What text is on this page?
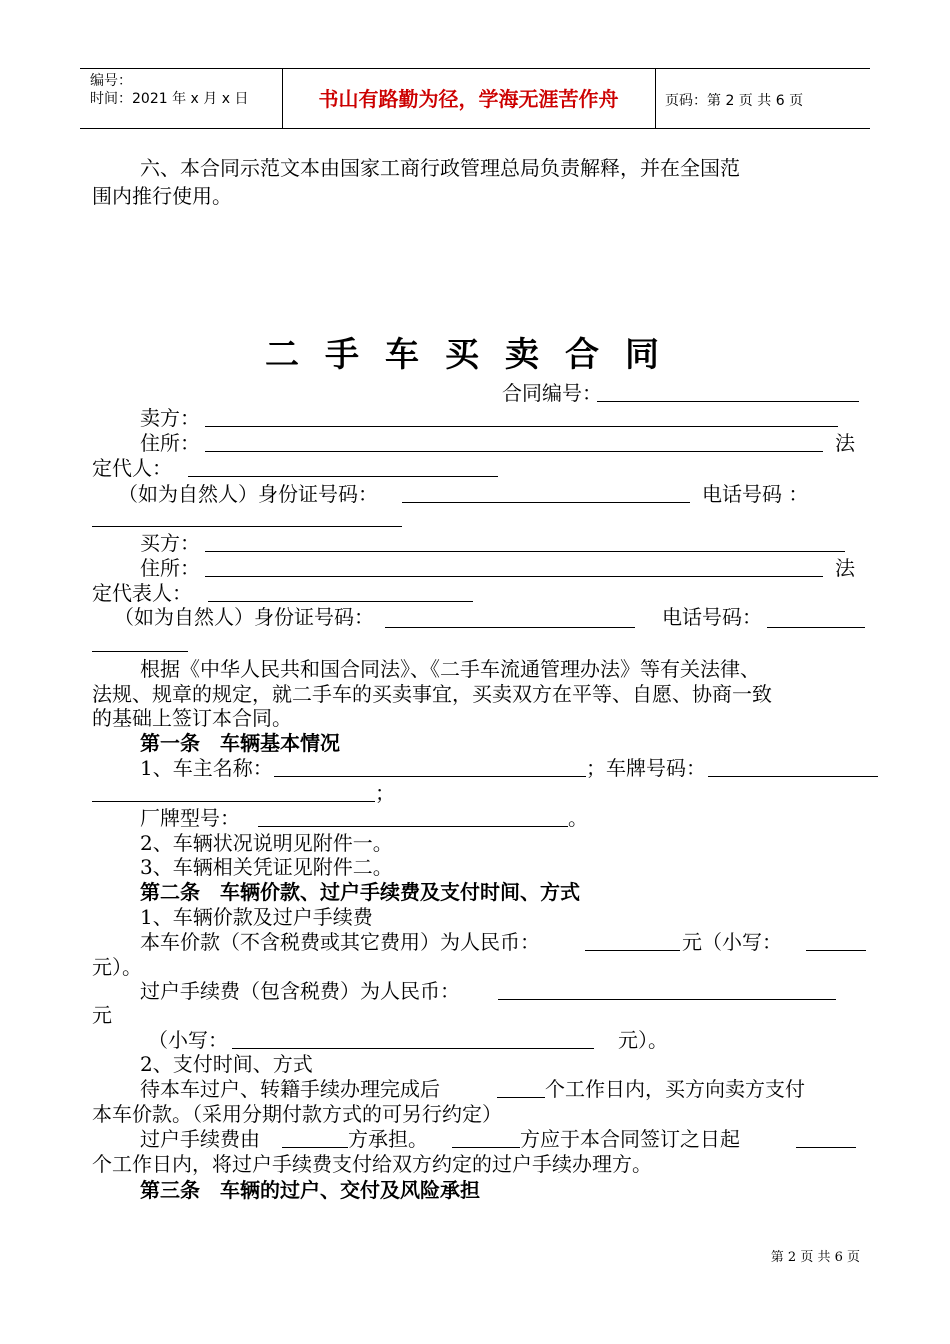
编号：
时间：2021 年 x 月 x 日	书山有路勤为径，学海无涯苦作舟	页码：第 2 页 共 6 页
六、本合同示范文本由国家工商行政管理总局负责解释，并在全国范
围内推行使用。
二手车买卖合同
合同编号：
卖方：
住所：	法
定代人：
（如为自然人）身份证号码：	电话号码 ：
买方：
住所：	法
定代表人：
（如为自然人）身份证号码：	电话号码：
根据《中华人民共和国合同法》、《二手车流通管理办法》等有关法律、
法规、规章的规定，就二手车的买卖事宜，买卖双方在平等、自愿、协商一致
的基础上签订本合同。
第一条　车辆基本情况
1、车主名称：	；车牌号码：
；
厂牌型号：	。
2、车辆状况说明见附件一。
3、车辆相关凭证见附件二。
第二条　车辆价款、过户手续费及支付时间、方式
1、车辆价款及过户手续费
本车价款（不含税费或其它费用）为人民币：	元（小写：
元）。
过户手续费（包含税费）为人民币：
元
（小写：	元）。
2、支付时间、方式
待本车过户、转籍手续办理完成后	个工作日内，买方向卖方支付
本车价款。（采用分期付款方式的可另行约定）
过户手续费由	方承担。	方应于本合同签订之日起
个工作日内，将过户手续费支付给双方约定的过户手续办理方。
第三条　车辆的过户、交付及风险承担
第 2 页 共 6 页
